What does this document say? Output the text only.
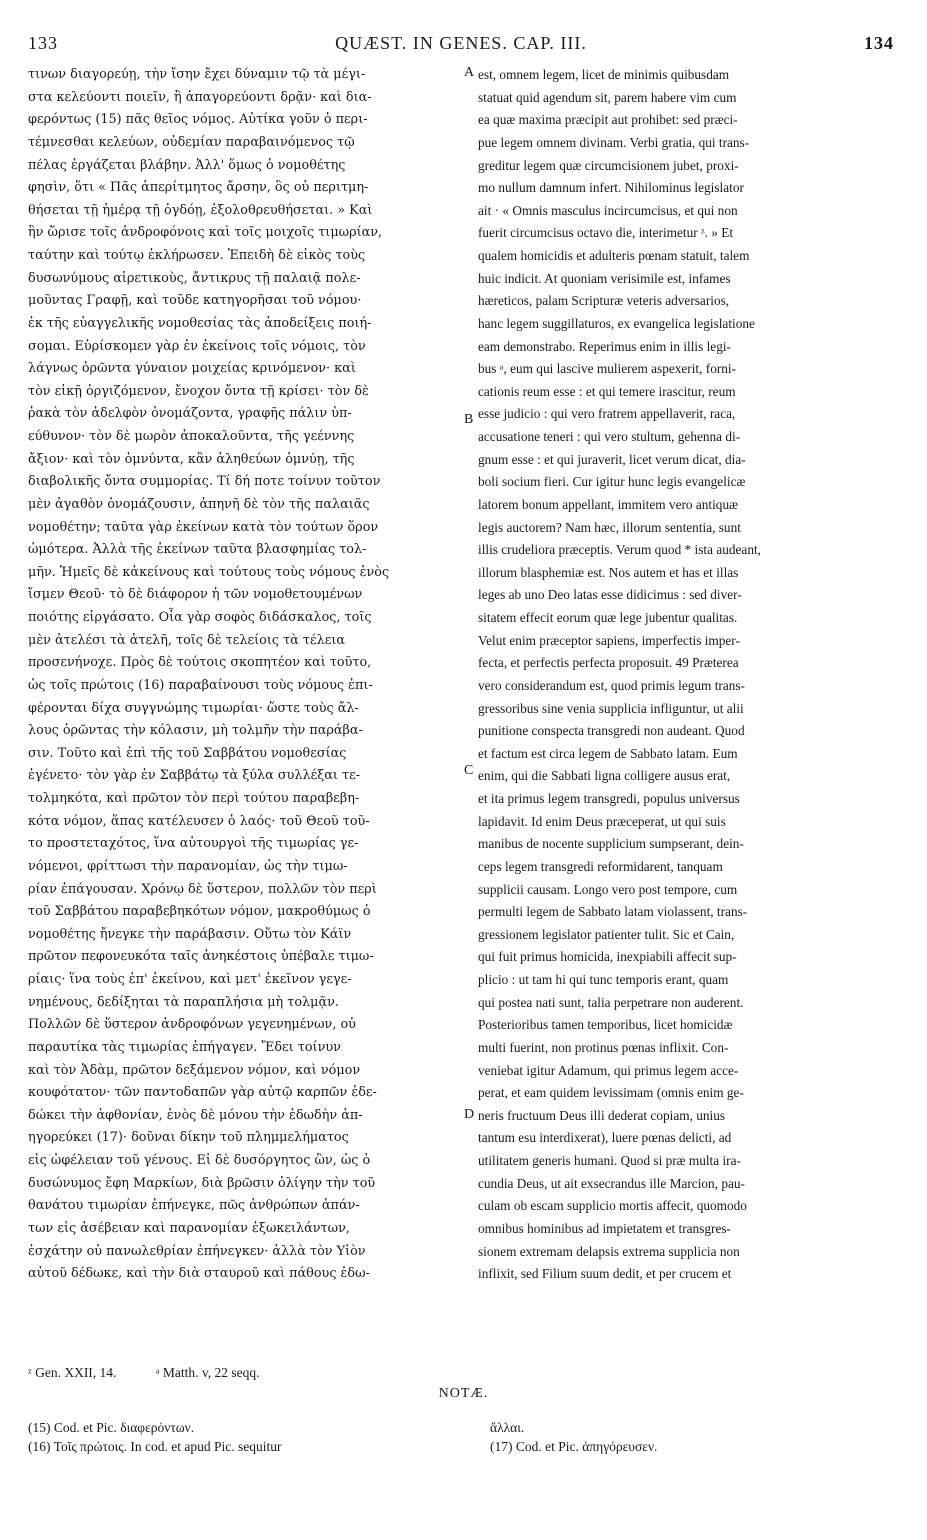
133	QUÆST. IN GENES. CAP. III.	134
τινων διαγορεύῃ, τὴν ἴσην ἔχει δύναμιν τῷ τὰ μέγι-
στα κελεύοντι ποιεῖν, ἢ ἀπαγορεύοντι δρᾷν· καὶ δια-
φερόντως (15) πᾶς θεῖος νόμος. Αὐτίκα γοῦν ὁ περι-
τέμνεσθαι κελεύων, οὐδεμίαν παραβαινόμενος τῷ
πέλας ἐργάζεται βλάβην. Ἀλλ' ὅμως ὁ νομοθέτης
φησὶν, ὅτι « Πᾶς ἀπερίτμητος ἄρσην, ὃς οὐ περιτμη-
θήσεται τῇ ἡμέρᾳ τῇ ὀγδόῃ, ἐξολοθρευθήσεται. » Καὶ
ἣν ὥρισε τοῖς ἀνδροφόνοις καὶ τοῖς μοιχοῖς τιμωρίαν,
ταύτην καὶ τούτῳ ἐκλήρωσεν. Ἐπειδὴ δὲ εἰκὸς τοὺς
δυσωνύμους αἱρετικοὺς, ἄντικρυς τῇ παλαιᾷ πολε-
μοῦντας Γραφῇ, καὶ τοῦδε κατηγορῆσαι τοῦ νόμου·
ἐκ τῆς εὐαγγελικῆς νομοθεσίας τὰς ἀποδείξεις ποιή-
σομαι. Εὑρίσκομεν γὰρ ἐν ἐκείνοις τοῖς νόμοις, τὸν
λάγνως ὁρῶντα γύναιον μοιχείας κρινόμενον· καὶ
τὸν εἰκῇ ὀργιζόμενον, ἔνοχον ὄντα τῇ κρίσει· τὸν δὲ
ῥακὰ τὸν ἀδελφὸν ὀνομάζοντα, γραφῆς πάλιν ὑπ-
εύθυνον· τὸν δὲ μωρὸν ἀποκαλοῦντα, τῆς γεέννης
ἄξιον· καὶ τὸν ὀμνύντα, κἂν ἀληθεύων ὀμνύῃ, τῆς
διαβολικῆς ὄντα συμμορίας. Τί δή ποτε τοίνυν τοῦτον
μὲν ἀγαθὸν ὀνομάζουσιν, ἀπηνῆ δὲ τὸν τῆς παλαιᾶς
νομοθέτην; ταῦτα γὰρ ἐκείνων κατὰ τὸν τούτων ὅρον
ὠμότερα. Ἀλλὰ τῆς ἐκείνων ταῦτα βλασφημίας τολ-
μῆν. Ἡμεῖς δὲ κἀκείνους καὶ τούτους τοὺς νόμους ἑνὸς
ἴσμεν Θεοῦ· τὸ δὲ διάφορον ἡ τῶν νομοθετουμένων
ποιότης εἰργάσατο. Οἷα γὰρ σοφὸς διδάσκαλος, τοῖς
μὲν ἀτελέσι τὰ ἀτελῆ, τοῖς δὲ τελείοις τὰ τέλεια
προσενήνοχε. Πρὸς δὲ τούτοις σκοπητέον καὶ τοῦτο,
ὡς τοῖς πρώτοις (16) παραβαίνουσι τοὺς νόμους ἐπι-
φέρονται δίχα συγγνώμης τιμωρίαι· ὥστε τοὺς ἄλ-
λους ὁρῶντας τὴν κόλασιν, μὴ τολμῆν τὴν παράβα-
σιν. Τοῦτο καὶ ἐπὶ τῆς τοῦ Σαββάτου νομοθεσίας
ἐγένετο· τὸν γὰρ ἐν Σαββάτῳ τὰ ξύλα συλλέξαι τε-
τολμηκότα, καὶ πρῶτον τὸν περὶ τούτου παραβεβη-
κότα νόμον, ἅπας κατέλευσεν ὁ λαός· τοῦ Θεοῦ τοῦ-
το προστεταχότος, ἵνα αὐτουργοὶ τῆς τιμωρίας γε-
νόμενοι, φρίττωσι τὴν παρανομίαν, ὡς τὴν τιμω-
ρίαν ἐπάγουσαν. Χρόνῳ δὲ ὕστερον, πολλῶν τὸν περὶ
τοῦ Σαββάτου παραβεβηκότων νόμον, μακροθύμως ὁ
νομοθέτης ἤνεγκε τὴν παράβασιν. Οὕτω τὸν Κάϊν
πρῶτον πεφονευκότα ταῖς ἀνηκέστοις ὑπέβαλε τιμω-
ρίαις· ἵνα τοὺς ἐπ' ἐκείνου, καὶ μετ' ἐκεῖνον γεγε-
νημένους, δεδίξηται τὰ παραπλήσια μὴ τολμᾷν.
Πολλῶν δὲ ὕστερον ἀνδροφόνων γεγενημένων, οὐ
παραυτίκα τὰς τιμωρίας ἐπήγαγεν. Ἔδει τοίνυν
καὶ τὸν Ἀδὰμ, πρῶτον δεξάμενον νόμον, καὶ νόμον
κουφότατον· τῶν παντοδαπῶν γὰρ αὐτῷ καρπῶν ἐδε-
δώκει τὴν ἀφθονίαν, ἑνὸς δὲ μόνου τὴν ἐδωδὴν ἀπ-
ηγορεύκει (17)· δοῦναι δίκην τοῦ πλημμελήματος
εἰς ὠφέλειαν τοῦ γένους. Εἰ δὲ δυσόργητος ὢν, ὡς ὁ
δυσώνυμος ἔφη Μαρκίων, διὰ βρῶσιν ὀλίγην τὴν τοῦ
θανάτου τιμωρίαν ἐπήνεγκε, πῶς ἀνθρώπων ἁπάν-
των εἰς ἀσέβειαν καὶ παρανομίαν ἐξωκειλάντων,
ἐσχάτην οὐ πανωλεθρίαν ἐπήνεγκεν· ἀλλὰ τὸν Υἱὸν
αὐτοῦ δέδωκε, καὶ τὴν διὰ σταυροῦ καὶ πάθους ἐδω-
est, omnem legem, licet de minimis quibusdam
statuat quid agendum sit, parem habere vim cum
ea quæ maxima præcipit aut prohibet: sed præci-
pue legem omnem divinam. Verbi gratia, qui trans-
greditur legem quæ circumcisionem jubet, proxi-
mo nullum damnum infert. Nihilominus legislator
ait · « Omnis masculus incircumcisus, et qui non
fuerit circumcisus octavo die, interimetur ᶻ. » Et
qualem homicidis et adulteris pœnam statuit, talem
huic indicit. At quoniam verisimile est, infames
hæreticos, palam Scripturæ veteris adversarios,
hanc legem suggillaturos, ex evangelica legislatione
eam demonstrabo. Reperimus enim in illis legi-
bus ᵃ, eum qui lascive mulierem aspexerit, forni-
cationis reum esse : et qui temere irascitur, reum
esse judicio : qui vero fratrem appellaverit, raca,
accusatione teneri : qui vero stultum, gehenna di-
gnum esse : et qui juraverit, licet verum dicat, dia-
boli socium fieri. Cur igitur hunc legis evangelicæ
latorem bonum appellant, immitem vero antiquæ
legis auctorem? Nam hæc, illorum sententia, sunt
illis crudeliora præceptis. Verum quod * ista audeant,
illorum blasphemiæ est. Nos autem et has et illas
leges ab uno Deo latas esse didicimus : sed diver-
sitatem effecit eorum quæ lege jubentur qualitas.
Velut enim præceptor sapiens, imperfectis imper-
fecta, et perfectis perfecta proposuit. 49 Præterea
vero considerandum est, quod primis legum trans-
gressoribus sine venia supplicia infliguntur, ut alii
punitione conspecta transgredi non audeant. Quod
et factum est circa legem de Sabbato latam. Eum
enim, qui die Sabbati ligna colligere ausus erat,
et ita primus legem transgredi, populus universus
lapidavit. Id enim Deus præceperat, ut qui suis
manibus de nocente supplicium sumpserant, dein-
ceps legem transgredi reformidarent, tanquam
supplicii causam. Longo vero post tempore, cum
permulti legem de Sabbato latam violassent, trans-
gressionem legislator patienter tulit. Sic et Cain,
qui fuit primus homicida, inexpiabili affecit sup-
plicio : ut tam hi qui tunc temporis erant, quam
qui postea nati sunt, talia perpetrare non auderent.
Posterioribus tamen temporibus, licet homicidæ
multi fuerint, non protinus pœnas inflixit. Con-
veniebat igitur Adamum, qui primus legem acce-
perat, et eam quidem levissimam (omnis enim ge-
neris fructuum Deus illi dederat copiam, unius
tantum esu interdixerat), luere pœnas delicti, ad
utilitatem generis humani. Quod si præ multa ira-
cundia Deus, ut ait exsecrandus ille Marcion, pau-
culam ob escam supplicio mortis affecit, quomodo
omnibus hominibus ad impietatem et transgres-
sionem extremam delapsis extrema supplicia non
inflixit, sed Filium suum dedit, et per crucem et
A
B
C
D
ᶻ Gen. XXII, 14.	ᵃ Matth. v, 22 seqq.
NOTÆ.
(15) Cod. et Pic. διαφερόντων.
(16) Τοῖς πρώτοις. In cod. et apud Pic. sequitur
ἄλλαι.
(17) Cod. et Pic. ἀπηγόρευσεν.
